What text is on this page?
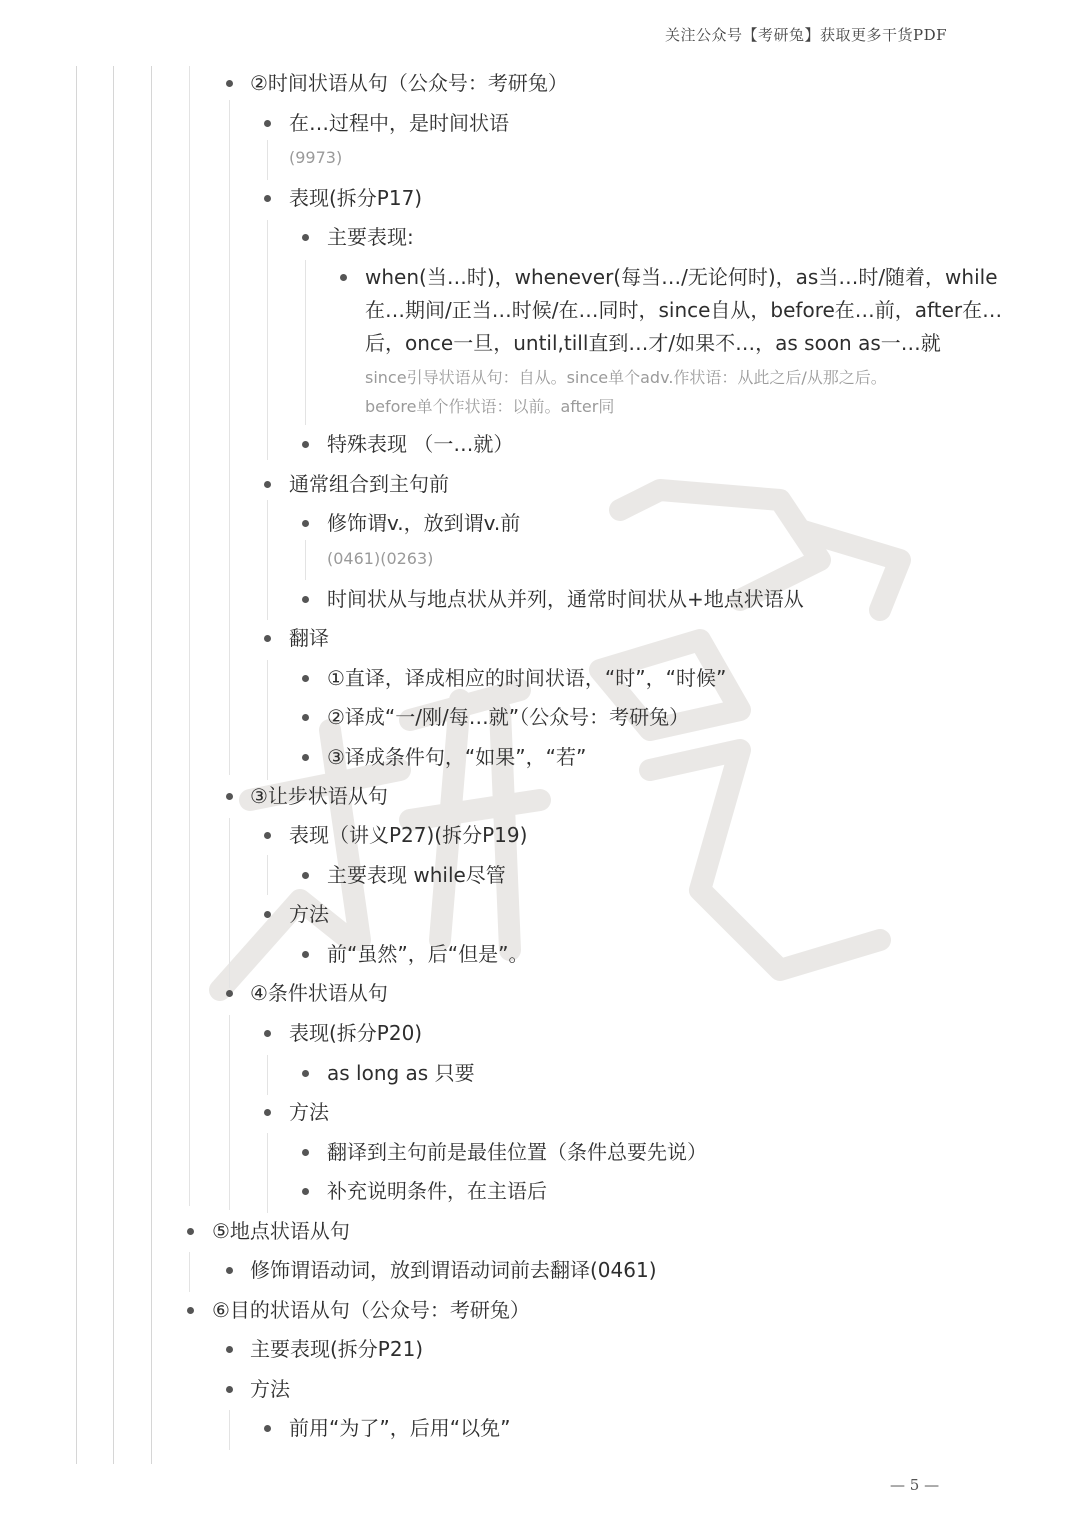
关注公众号【考研兔】获取更多干货PDF
②时间状语从句（公众号：考研兔）
在…过程中，是时间状语
(9973)
表现(拆分P17)
主要表现:
when(当…时)，whenever(每当…/无论何时)，as当…时/随着，while在…期间/正当…时候/在…同时，since自从，before在…前，after在…后，once一旦，until,till直到…才/如果不…，as soon as一…就
since引导状语从句：自从。since单个adv.作状语：从此之后/从那之后。
before单个作状语：以前。after同
特殊表现 （一…就）
通常组合到主句前
修饰谓v.，放到谓v.前
(0461)(0263)
时间状从与地点状从并列，通常时间状从+地点状语从
翻译
①直译，译成相应的时间状语，“时”，“时候”
②译成“一/刚/每…就”（公众号：考研兔）
③译成条件句，“如果”，“若”
③让步状语从句
表现（讲义P27)(拆分P19)
主要表现 while尽管
方法
前“虽然”，后“但是”。
④条件状语从句
表现(拆分P20)
as long as 只要
方法
翻译到主句前是最佳位置（条件总要先说）
补充说明条件，在主语后
⑤地点状语从句
修饰谓语动词，放到谓语动词前去翻译(0461)
⑥目的状语从句（公众号：考研兔）
主要表现(拆分P21)
方法
前用“为了”，后用“以免”
— 5 —
